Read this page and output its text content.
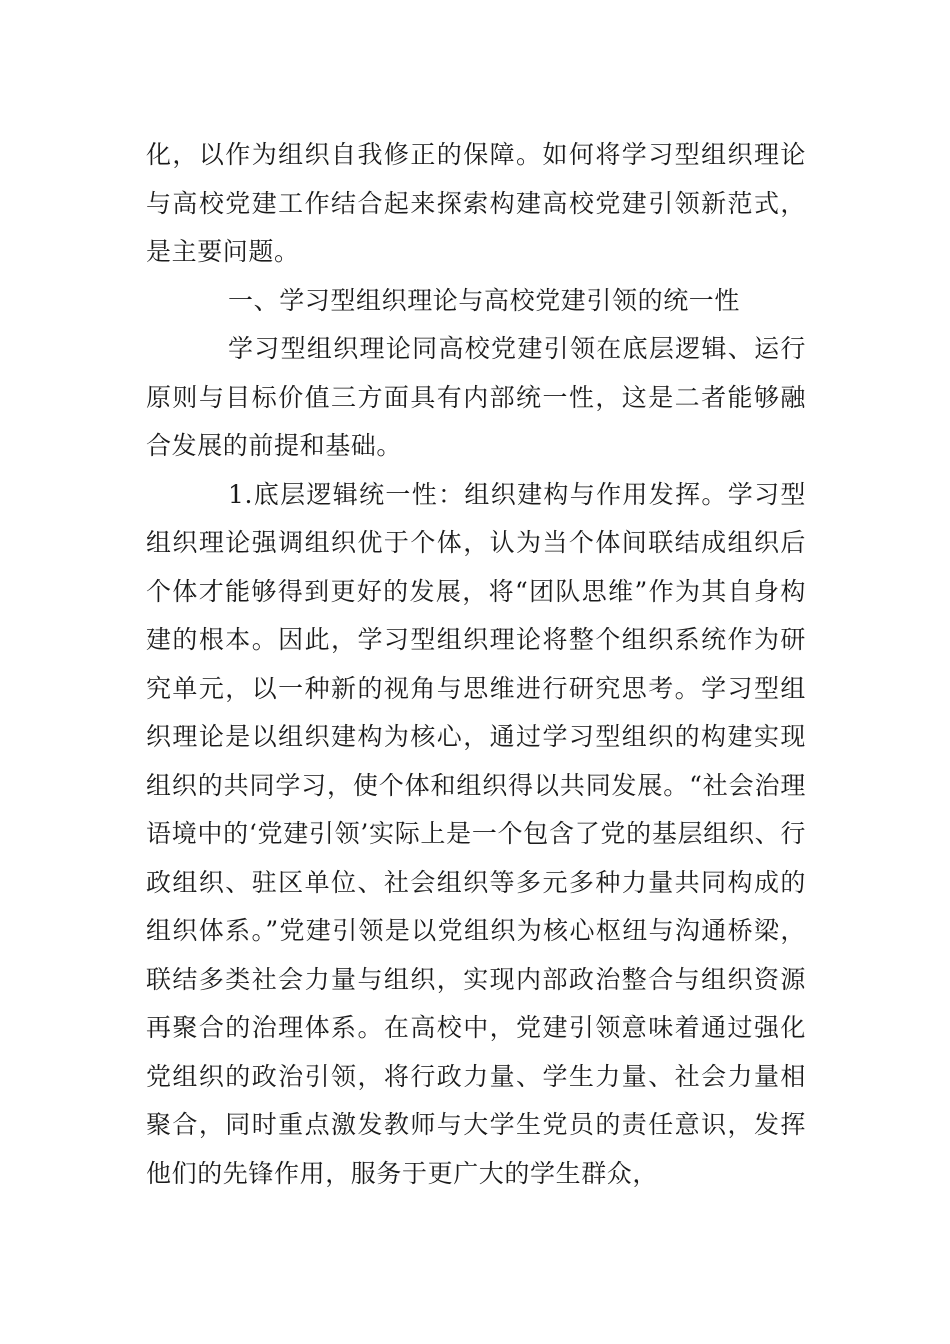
化，以作为组织自我修正的保障。如何将学习型组织理论与高校党建工作结合起来探索构建高校党建引领新范式，是主要问题。

一、学习型组织理论与高校党建引领的统一性

学习型组织理论同高校党建引领在底层逻辑、运行原则与目标价值三方面具有内部统一性，这是二者能够融合发展的前提和基础。

1.底层逻辑统一性：组织建构与作用发挥。学习型组织理论强调组织优于个体，认为当个体间联结成组织后个体才能够得到更好的发展，将“团队思维”作为其自身构建的根本。因此，学习型组织理论将整个组织系统作为研究单元，以一种新的视角与思维进行研究思考。学习型组织理论是以组织建构为核心，通过学习型组织的构建实现组织的共同学习，使个体和组织得以共同发展。“社会治理语境中的‘党建引领’实际上是一个包含了党的基层组织、行政组织、驻区单位、社会组织等多元多种力量共同构成的组织体系。”党建引领是以党组织为核心枢纽与沟通桥梁，联结多类社会力量与组织，实现内部政治整合与组织资源再聚合的治理体系。在高校中，党建引领意味着通过强化党组织的政治引领，将行政力量、学生力量、社会力量相聚合，同时重点激发教师与大学生党员的责任意识，发挥他们的先锋作用，服务于更广大的学生群众，
